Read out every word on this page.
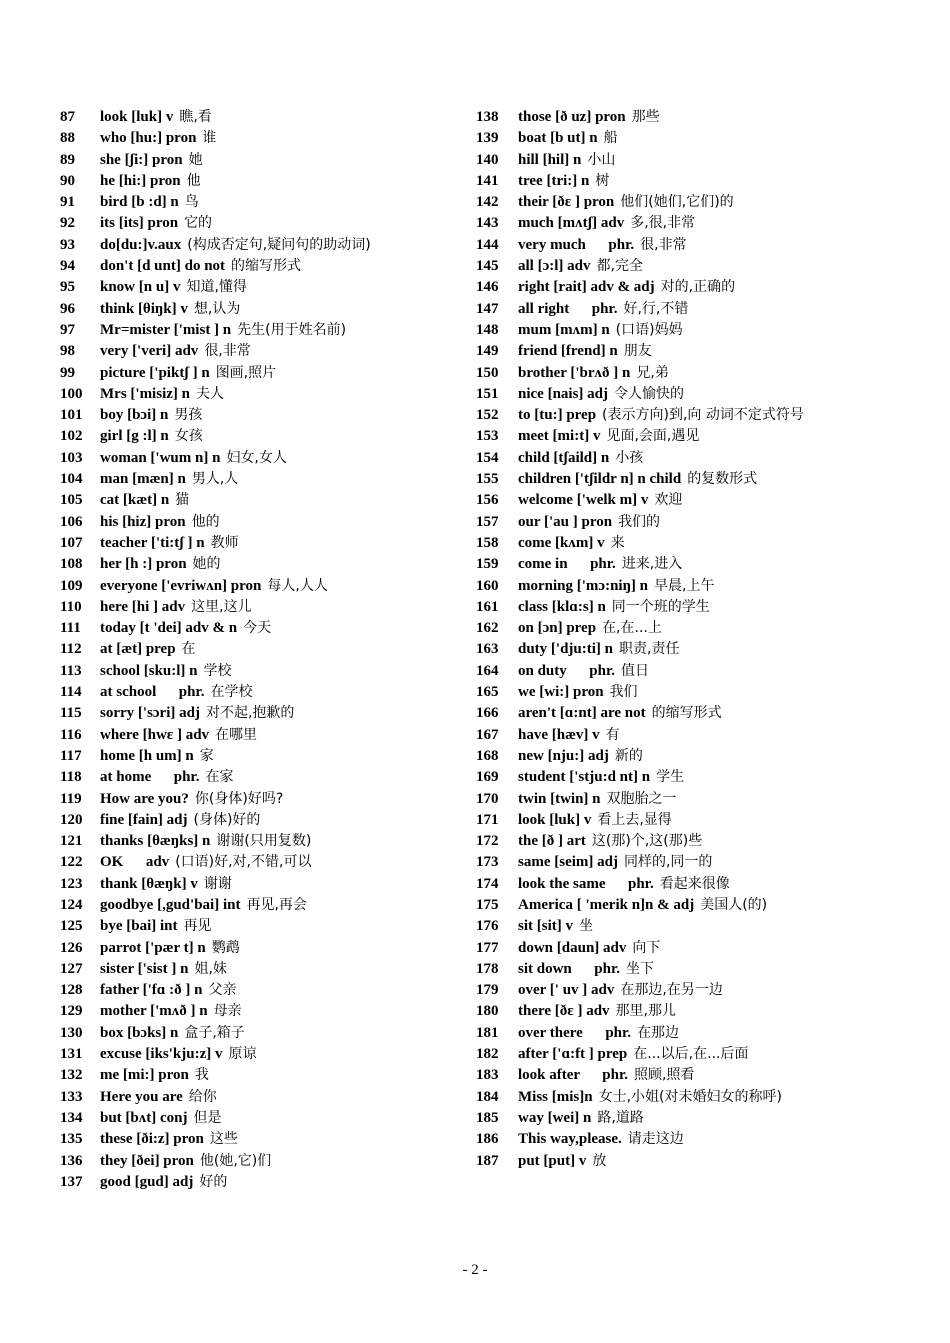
87	look [luk] v 瞧,看
88	who [hu:] pron 谁
89	she [ʃi:] pron 她
90	he [hi:] pron 他
91	bird [b :d] n 鸟
92	its [its] pron 它的
93	do[du:]v.aux (构成否定句,疑问句的助动词)
94	don't [d unt] do not 的缩写形式
95	know [n u] v 知道,懂得
96	think [θiŋk] v 想,认为
97	Mr=mister ['mist ] n 先生(用于姓名前)
98	very ['veri] adv 很,非常
99	picture ['piktʃ ] n 图画,照片
100	Mrs ['misiz] n 夫人
101	boy [bɔi] n 男孩
102	girl [g :l] n 女孩
103	woman ['wum n] n 妇女,女人
104	man [mæn] n 男人,人
105	cat [kæt] n 猫
106	his [hiz] pron 他的
107	teacher ['ti:tʃ ] n 教师
108	her [h :] pron 她的
109	everyone ['evriwʌn] pron 每人,人人
110	here [hi ] adv 这里,这儿
111	today [t 'dei] adv & n 今天
112	at [æt] prep 在
113	school [sku:l] n 学校
114	at school      phr. 在学校
115	sorry ['sɔri] adj 对不起,抱歉的
116	where [hwɛ ] adv 在哪里
117	home [h um] n 家
118	at home      phr. 在家
119	How are you? 你(身体)好吗?
120	fine [fain] adj (身体)好的
121	thanks [θæŋks] n 谢谢(只用复数)
122	OK      adv (口语)好,对,不错,可以
123	thank [θæŋk] v 谢谢
124	goodbye [,gud'bai] int 再见,再会
125	bye [bai] int 再见
126	parrot ['pær t] n 鹦鹉
127	sister ['sist ] n 姐,妹
128	father ['fɑ :ð ] n 父亲
129	mother ['mʌð ] n 母亲
130	box [bɔks] n 盒子,箱子
131	excuse [iks'kju:z] v 原谅
132	me [mi:] pron 我
133	Here you are 给你
134	but [bʌt] conj 但是
135	these [ði:z] pron 这些
136	they [ðei] pron 他(她,它)们
137	good [gud] adj 好的
138	those [ð uz] pron 那些
139	boat [b ut] n 船
140	hill [hil] n 小山
141	tree [tri:] n 树
142	their [ðɛ ] pron 他们(她们,它们)的
143	much [mʌtʃ] adv 多,很,非常
144	very much      phr. 很,非常
145	all [ɔ:l] adv 都,完全
146	right [rait] adv & adj 对的,正确的
147	all right      phr. 好,行,不错
148	mum [mʌm] n (口语)妈妈
149	friend [frend] n 朋友
150	brother ['brʌð ] n 兄,弟
151	nice [nais] adj 令人愉快的
152	to [tu:] prep (表示方向)到,向 动词不定式符号
153	meet [mi:t] v 见面,会面,遇见
154	child [tʃaild] n 小孩
155	children ['tʃildr n] n child 的复数形式
156	welcome ['welk m] v 欢迎
157	our ['au ] pron 我们的
158	come [kʌm] v 来
159	come in      phr. 进来,进入
160	morning ['mɔ:niŋ] n 早晨,上午
161	class [klɑ:s] n 同一个班的学生
162	on [ɔn] prep 在,在...上
163	duty ['dju:ti] n 职责,责任
164	on duty      phr. 值日
165	we [wi:] pron 我们
166	aren't [ɑ:nt] are not 的缩写形式
167	have [hæv] v 有
168	new [nju:] adj 新的
169	student ['stju:d nt] n 学生
170	twin [twin] n 双胞胎之一
171	look [luk] v 看上去,显得
172	the [ð ] art 这(那)个,这(那)些
173	same [seim] adj 同样的,同一的
174	look the same      phr. 看起来很像
175	America [ 'merik n]n & adj 美国人(的)
176	sit [sit] v 坐
177	down [daun] adv 向下
178	sit down      phr. 坐下
179	over [' uv ] adv 在那边,在另一边
180	there [ðɛ ] adv 那里,那儿
181	over there      phr. 在那边
182	after ['ɑ:ft ] prep 在...以后,在...后面
183	look after      phr. 照顾,照看
184	Miss [mis]n 女士,小姐(对未婚妇女的称呼)
185	way [wei] n 路,道路
186	This way,please. 请走这边
187	put [put] v 放
- 2 -
